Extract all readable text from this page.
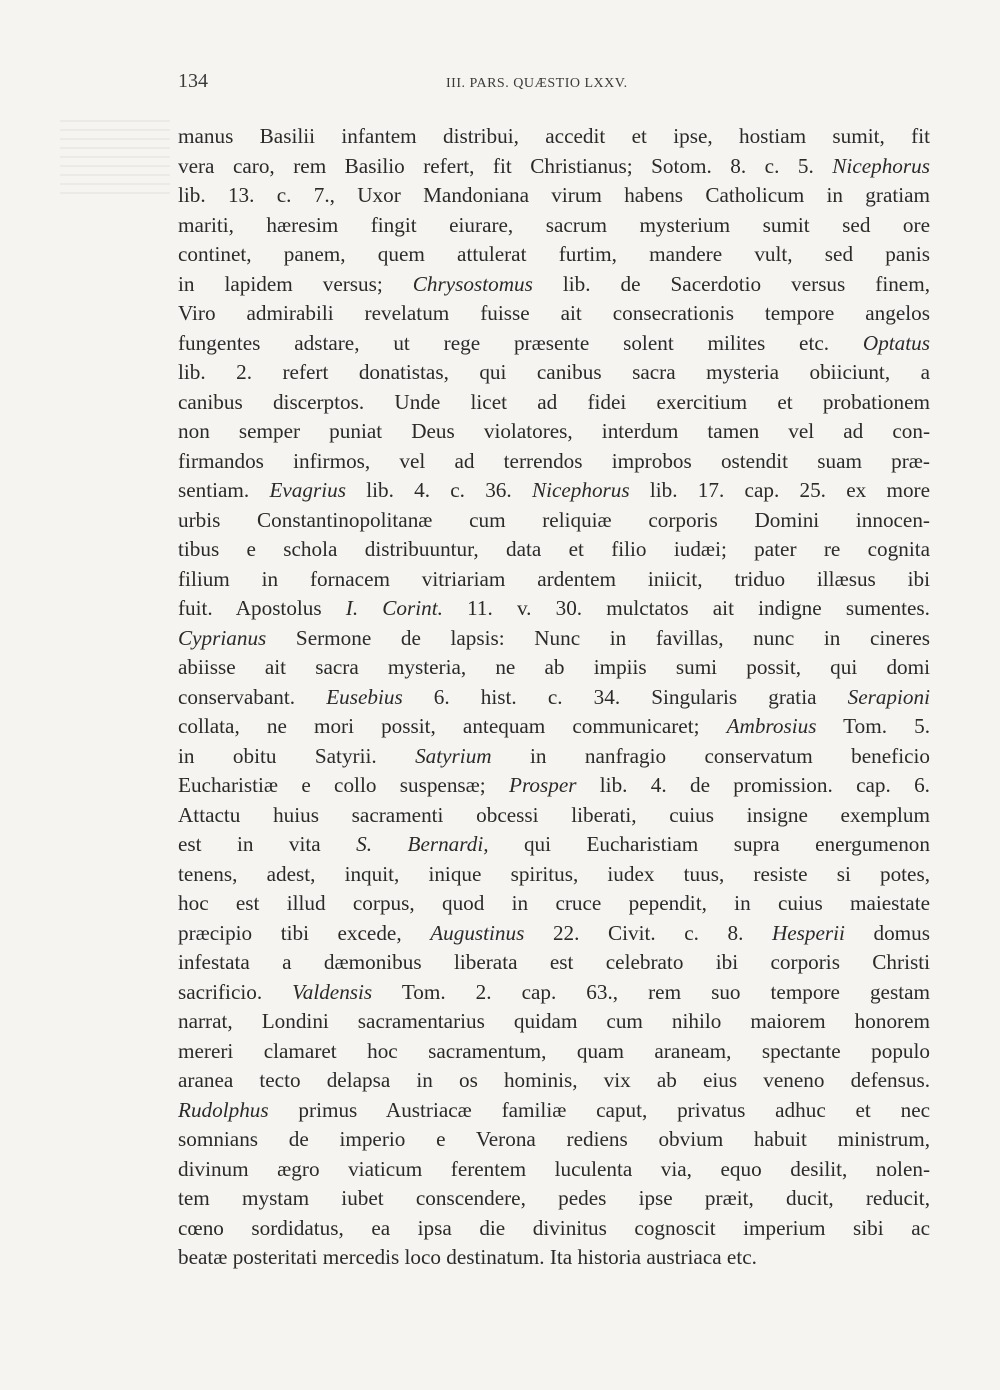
134	III. PARS. QUÆSTIO LXXV.
manus Basilii infantem distribui, accedit et ipse, hostiam sumit, fit
vera caro, rem Basilio refert, fit Christianus; Sotom. 8. c. 5. Nicephorus
lib. 13. c. 7., Uxor Mandoniana virum habens Catholicum in gratiam
mariti, hæresim fingit eiurare, sacrum mysterium sumit sed ore
continet, panem, quem attulerat furtim, mandere vult, sed panis
in lapidem versus; Chrysostomus lib. de Sacerdotio versus finem,
Viro admirabili revelatum fuisse ait consecrationis tempore angelos
fungentes adstare, ut rege præsente solent milites etc. Optatus
lib. 2. refert donatistas, qui canibus sacra mysteria obiiciunt, a
canibus discerptos. Unde licet ad fidei exercitium et probationem
non semper puniat Deus violatores, interdum tamen vel ad con-
firmandos infirmos, vel ad terrendos improbos ostendit suam præ-
sentiam. Evagrius lib. 4. c. 36. Nicephorus lib. 17. cap. 25. ex more
urbis Constantinopolitanæ cum reliquiæ corporis Domini innocen-
tibus e schola distribuuntur, data et filio iudæi; pater re cognita
filium in fornacem vitriariam ardentem iniicit, triduo illæsus ibi
fuit. Apostolus I. Corint. 11. v. 30. mulctatos ait indigne sumentes.
Cyprianus Sermone de lapsis: Nunc in favillas, nunc in cineres
abiisse ait sacra mysteria, ne ab impiis sumi possit, qui domi
conservabant. Eusebius 6. hist. c. 34. Singularis gratia Serapioni
collata, ne mori possit, antequam communicaret; Ambrosius Tom. 5.
in obitu Satyrii. Satyrium in nanfragio conservatum beneficio
Eucharistiæ e collo suspensæ; Prosper lib. 4. de promission. cap. 6.
Attactu huius sacramenti obcessi liberati, cuius insigne exemplum
est in vita S. Bernardi, qui Eucharistiam supra energumenon
tenens, adest, inquit, inique spiritus, iudex tuus, resiste si potes,
hoc est illud corpus, quod in cruce pependit, in cuius maiestate
præcipio tibi excede, Augustinus 22. Civit. c. 8. Hesperii domus
infestata a dæmonibus liberata est celebrato ibi corporis Christi
sacrificio. Valdensis Tom. 2. cap. 63., rem suo tempore gestam
narrat, Londini sacramentarius quidam cum nihilo maiorem honorem
mereri clamaret hoc sacramentum, quam araneam, spectante populo
aranea tecto delapsa in os hominis, vix ab eius veneno defensus.
Rudolphus primus Austriacæ familiæ caput, privatus adhuc et nec
somnians de imperio e Verona rediens obvium habuit ministrum,
divinum ægro viaticum ferentem luculenta via, equo desilit, nolen-
tem mystam iubet conscendere, pedes ipse præit, ducit, reducit,
cœno sordidatus, ea ipsa die divinitus cognoscit imperium sibi ac
beatæ posteritati mercedis loco destinatum. Ita historia austriaca etc.
